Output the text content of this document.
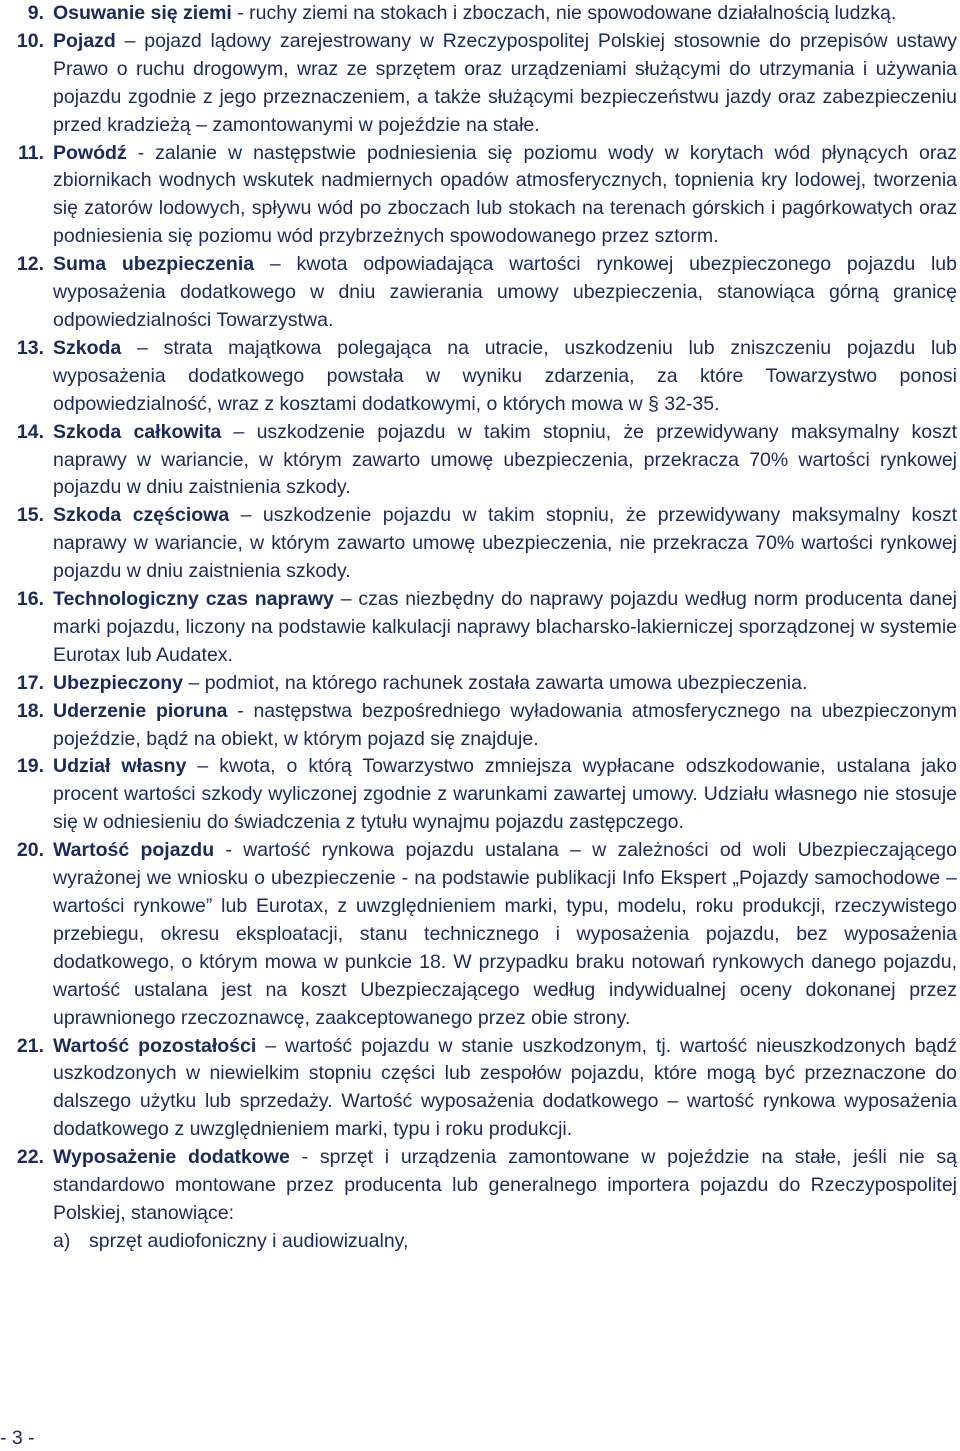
9. Osuwanie się ziemi - ruchy ziemi na stokach i zboczach, nie spowodowane działalnością ludzką.

10. Pojazd – pojazd lądowy zarejestrowany w Rzeczypospolitej Polskiej stosownie do przepisów ustawy Prawo o ruchu drogowym, wraz ze sprzętem oraz urządzeniami służącymi do utrzymania i używania pojazdu zgodnie z jego przeznaczeniem, a także służącymi bezpieczeństwu jazdy oraz zabezpieczeniu przed kradzieżą – zamontowanymi w pojeździe na stałe.

11. Powódź - zalanie w następstwie podniesienia się poziomu wody w korytach wód płynących oraz zbiornikach wodnych wskutek nadmiernych opadów atmosferycznych, topnienia kry lodowej, tworzenia się zatorów lodowych, spływu wód po zboczach lub stokach na terenach górskich i pagórkowatych oraz podniesienia się poziomu wód przybrzeżnych spowodowanego przez sztorm.

12. Suma ubezpieczenia – kwota odpowiadająca wartości rynkowej ubezpieczonego pojazdu lub wyposażenia dodatkowego w dniu zawierania umowy ubezpieczenia, stanowiąca górną granicę odpowiedzialności Towarzystwa.

13. Szkoda – strata majątkowa polegająca na utracie, uszkodzeniu lub zniszczeniu pojazdu lub wyposażenia dodatkowego powstała w wyniku zdarzenia, za które Towarzystwo ponosi odpowiedzialność, wraz z kosztami dodatkowymi, o których mowa w § 32-35.

14. Szkoda całkowita – uszkodzenie pojazdu w takim stopniu, że przewidywany maksymalny koszt naprawy w wariancie, w którym zawarto umowę ubezpieczenia, przekracza 70% wartości rynkowej pojazdu w dniu zaistnienia szkody.

15. Szkoda częściowa – uszkodzenie pojazdu w takim stopniu, że przewidywany maksymalny koszt naprawy w wariancie, w którym zawarto umowę ubezpieczenia, nie przekracza 70% wartości rynkowej pojazdu w dniu zaistnienia szkody.

16. Technologiczny czas naprawy – czas niezbędny do naprawy pojazdu według norm producenta danej marki pojazdu, liczony na podstawie kalkulacji naprawy blacharsko-lakierniczej sporządzonej w systemie Eurotax lub Audatex.

17. Ubezpieczony – podmiot, na którego rachunek została zawarta umowa ubezpieczenia.

18. Uderzenie pioruna - następstwa bezpośredniego wyładowania atmosferycznego na ubezpieczonym pojeździe, bądź na obiekt, w którym pojazd się znajduje.

19. Udział własny – kwota, o którą Towarzystwo zmniejsza wypłacane odszkodowanie, ustalana jako procent wartości szkody wyliczonej zgodnie z warunkami zawartej umowy. Udziału własnego nie stosuje się w odniesieniu do świadczenia z tytułu wynajmu pojazdu zastępczego.

20. Wartość pojazdu - wartość rynkowa pojazdu ustalana – w zależności od woli Ubezpieczającego wyrażonej we wniosku o ubezpieczenie - na podstawie publikacji Info Ekspert „Pojazdy samochodowe – wartości rynkowe” lub Eurotax, z uwzględnieniem marki, typu, modelu, roku produkcji, rzeczywistego przebiegu, okresu eksploatacji, stanu technicznego i wyposażenia pojazdu, bez wyposażenia dodatkowego, o którym mowa w punkcie 18. W przypadku braku notowań rynkowych danego pojazdu, wartość ustalana jest na koszt Ubezpieczającego według indywidualnej oceny dokonanej przez uprawnionego rzeczoznawcę, zaakceptowanego przez obie strony.

21. Wartość pozostałości – wartość pojazdu w stanie uszkodzonym, tj. wartość nieuszkodzonych bądź uszkodzonych w niewielkim stopniu części lub zespołów pojazdu, które mogą być przeznaczone do dalszego użytku lub sprzedaży. Wartość wyposażenia dodatkowego – wartość rynkowa wyposażenia dodatkowego z uwzględnieniem marki, typu i roku produkcji.

22. Wyposażenie dodatkowe - sprzęt i urządzenia zamontowane w pojeździe na stałe, jeśli nie są standardowo montowane przez producenta lub generalnego importera pojazdu do Rzeczypospolitej Polskiej, stanowiące:

a) sprzęt audiofoniczny i audiowizualny,
- 3 -
